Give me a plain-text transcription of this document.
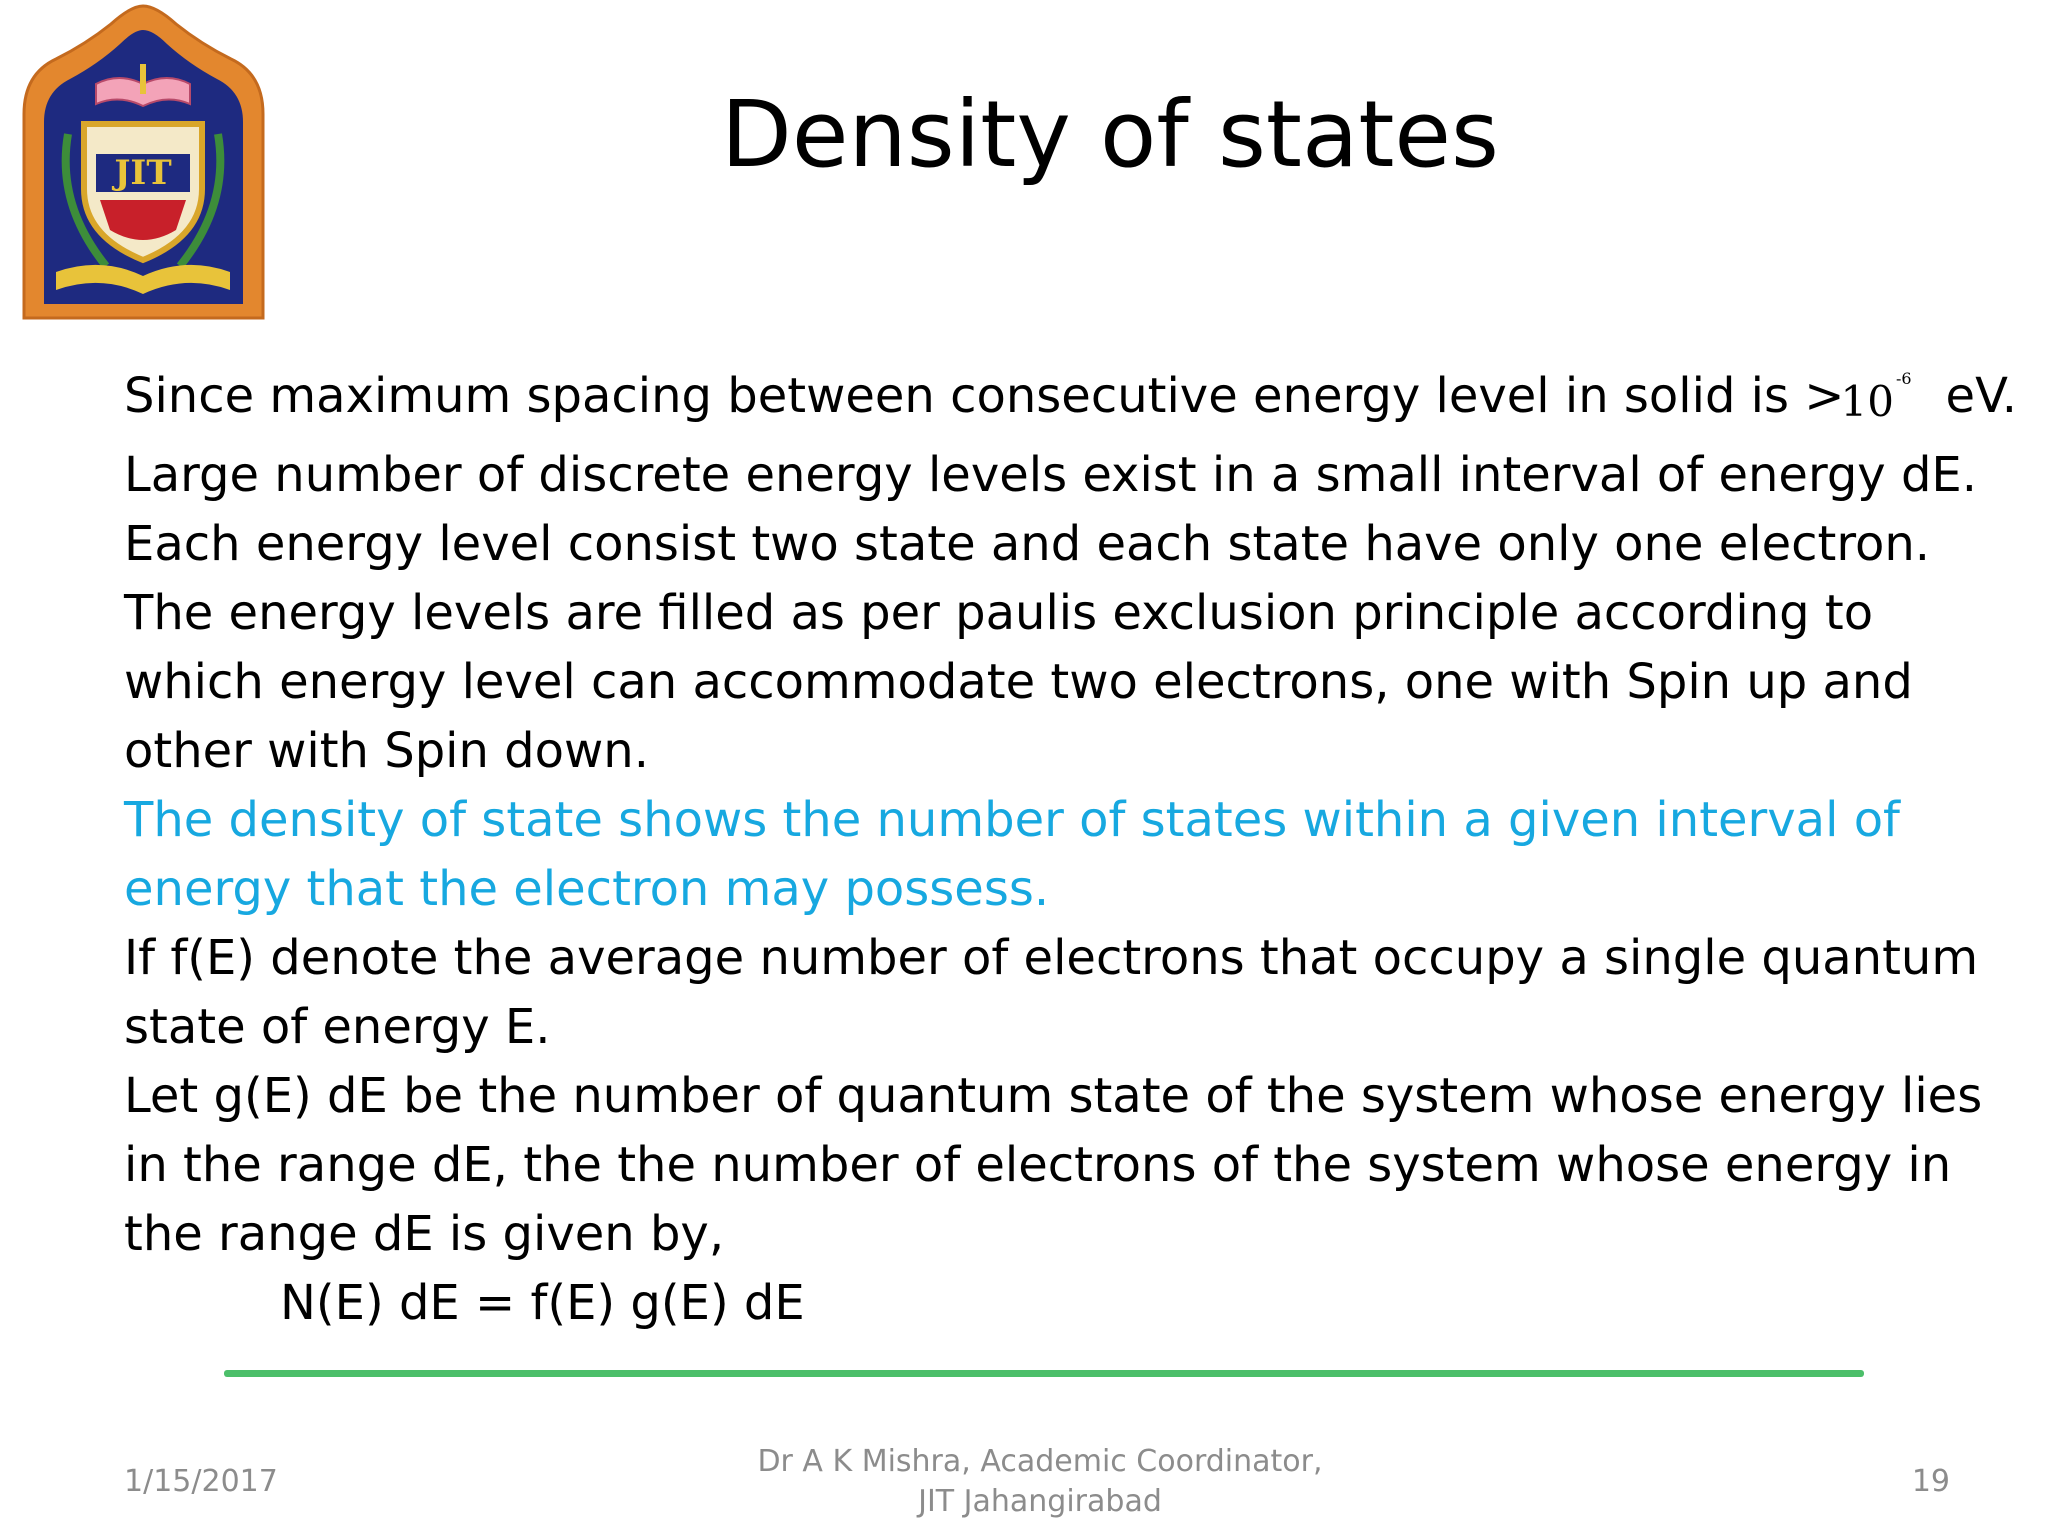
JIT	Density of states
Since maximum spacing between consecutive energy level in solid is >10 $^{-6}$ eV.
Large number of discrete energy levels exist in a small interval of energy dE.
Each energy level consist two state and each state have only one electron.
The energy levels are filled as per paulis exclusion principle according to
which energy level can accommodate two electrons, one with Spin up and
other with Spin down.
The density of state shows the number of states within a given interval of
energy that the electron may possess.
If f(E) denote the average number of electrons that occupy a single quantum
state of energy E.
Let g(E) dE be the number of quantum state of the system whose energy lies
in the range dE, the the number of electrons of the system whose energy in
the range dE is given by,
N(E) dE = f(E) g(E) dE
1/15/2017
Dr A K Mishra, Academic Coordinator,
JIT Jahangirabad
19
